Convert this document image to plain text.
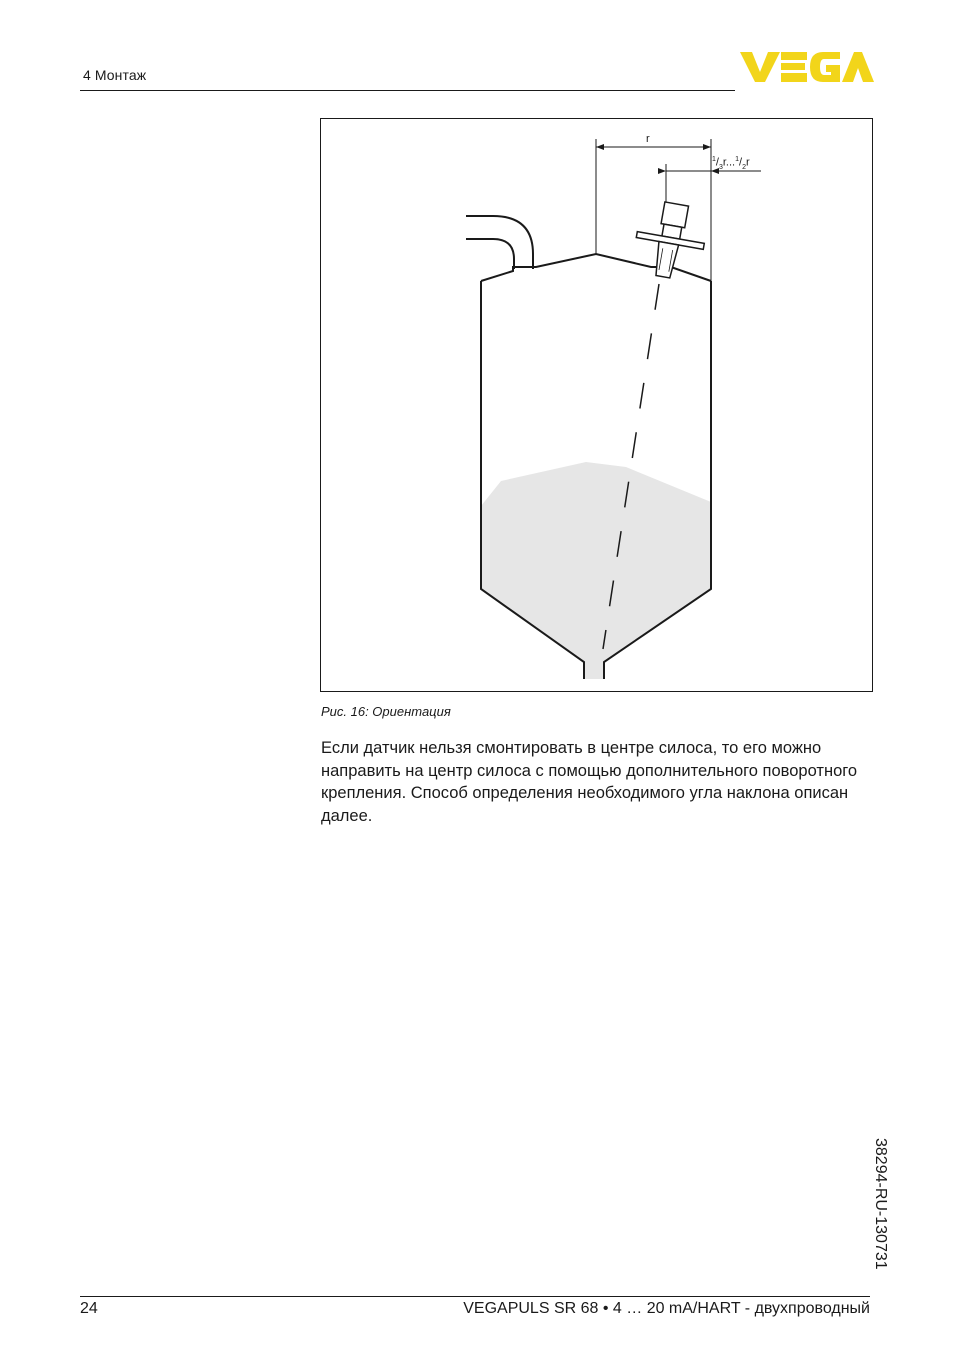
4 Монтаж
r
$^1/_3r...^1/_2r$
Рис. 16: Ориентация

Если датчик нельзя смонтировать в центре силоса, то его можно направить на центр силоса с помощью дополнительного поворотного крепления. Способ определения необходимого угла наклона описан далее.

38294-RU-130731
24	VEGAPULS SR 68 • 4 … 20 mA/HART - двухпроводный
